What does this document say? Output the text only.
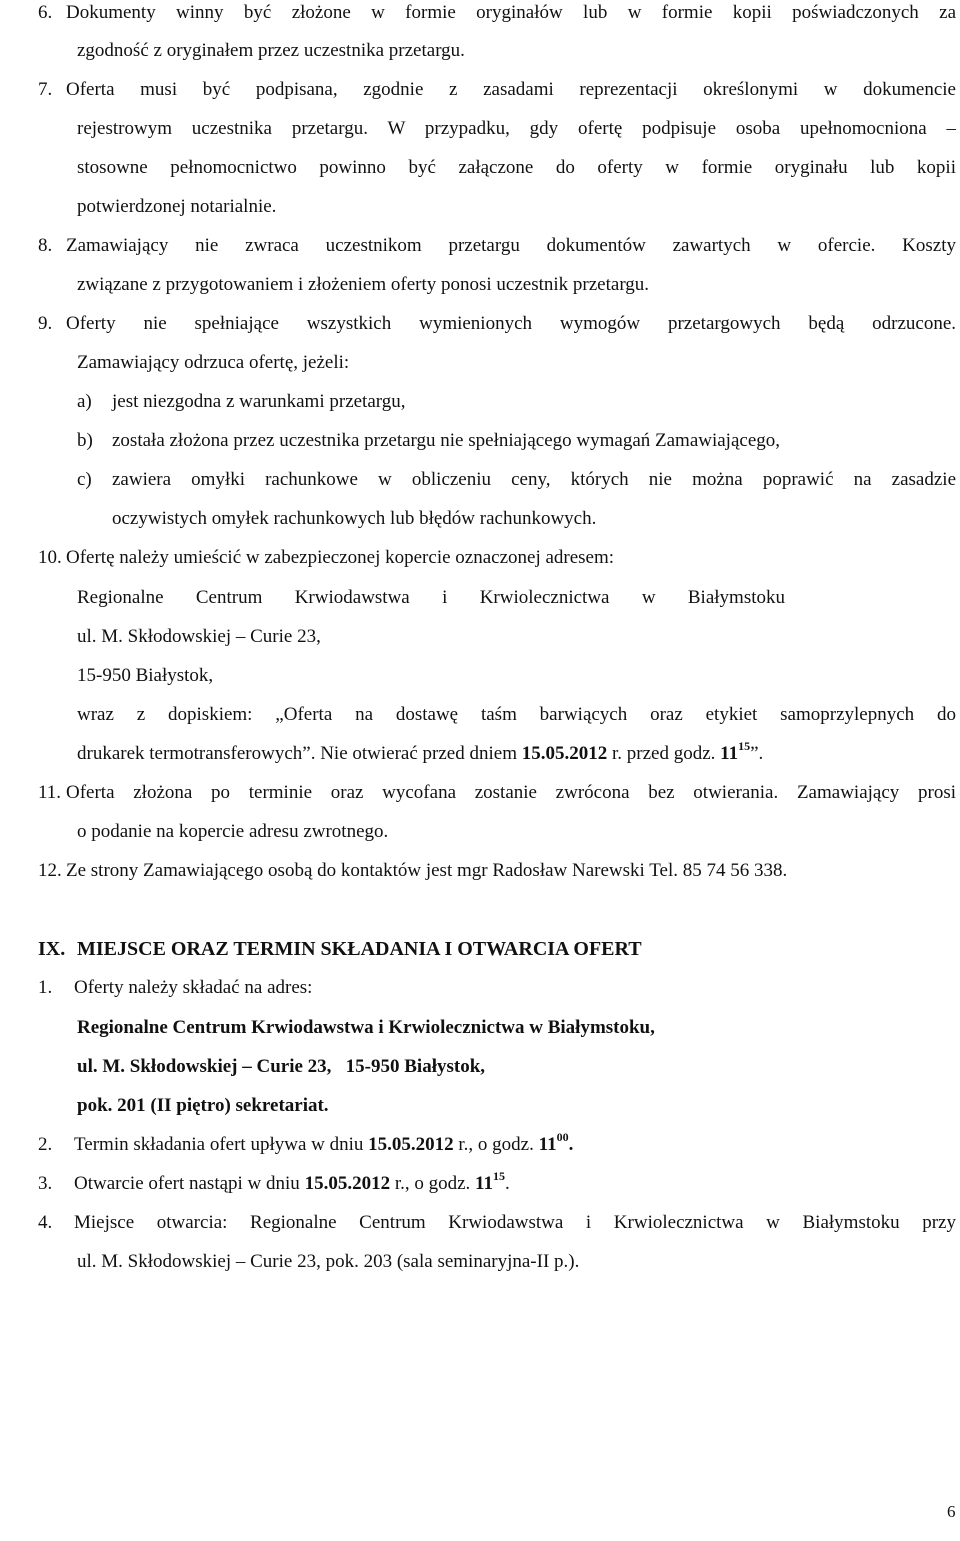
6. Dokumenty winny być złożone w formie oryginałów lub w formie kopii poświadczonych za
zgodność z oryginałem przez uczestnika przetargu.
7. Oferta musi być podpisana, zgodnie z zasadami reprezentacji określonymi w dokumencie
rejestrowym uczestnika przetargu. W przypadku, gdy ofertę podpisuje osoba upełnomocniona –
stosowne pełnomocnictwo powinno być załączone do oferty w formie oryginału lub kopii
potwierdzonej notarialnie.
8. Zamawiający nie zwraca uczestnikom przetargu dokumentów zawartych w ofercie. Koszty
związane z przygotowaniem i złożeniem oferty ponosi uczestnik przetargu.
9. Oferty nie spełniające wszystkich wymienionych wymogów przetargowych będą odrzucone.
Zamawiający odrzuca ofertę, jeżeli:
a) jest niezgodna z warunkami przetargu,
b) została złożona przez uczestnika przetargu nie spełniającego wymagań Zamawiającego,
c) zawiera omyłki rachunkowe w obliczeniu ceny, których nie można poprawić na zasadzie
oczywistych omyłek rachunkowych lub błędów rachunkowych.
10. Ofertę należy umieścić w zabezpieczonej kopercie oznaczonej adresem:
Regionalne Centrum Krwiodawstwa i Krwiolecznictwa w Białymstoku
ul. M. Skłodowskiej – Curie 23,
15-950 Białystok,
wraz z dopiskiem: „Oferta na dostawę taśm barwiących oraz etykiet samoprzylepnych do
drukarek termotransferowych”. Nie otwierać przed dniem 15.05.2012 r. przed godz. $11^{15}$”.
11. Oferta złożona po terminie oraz wycofana zostanie zwrócona bez otwierania. Zamawiający prosi
o podanie na kopercie adresu zwrotnego.
12. Ze strony Zamawiającego osobą do kontaktów jest mgr Radosław Narewski Tel. 85 74 56 338.
IX. MIEJSCE ORAZ TERMIN SKŁADANIA I OTWARCIA OFERT
1. Oferty należy składać na adres:
Regionalne Centrum Krwiodawstwa i Krwiolecznictwa w Białymstoku,
ul. M. Skłodowskiej – Curie 23,   15-950 Białystok,
pok. 201 (II piętro) sekretariat.
2. Termin składania ofert upływa w dniu 15.05.2012 r., o godz. $11^{00}$.
3. Otwarcie ofert nastąpi w dniu 15.05.2012 r., o godz. $11^{15}$.
4. Miejsce otwarcia: Regionalne Centrum Krwiodawstwa i Krwiolecznictwa w Białymstoku przy
ul. M. Skłodowskiej – Curie 23, pok. 203 (sala seminaryjna-II p.).
6
